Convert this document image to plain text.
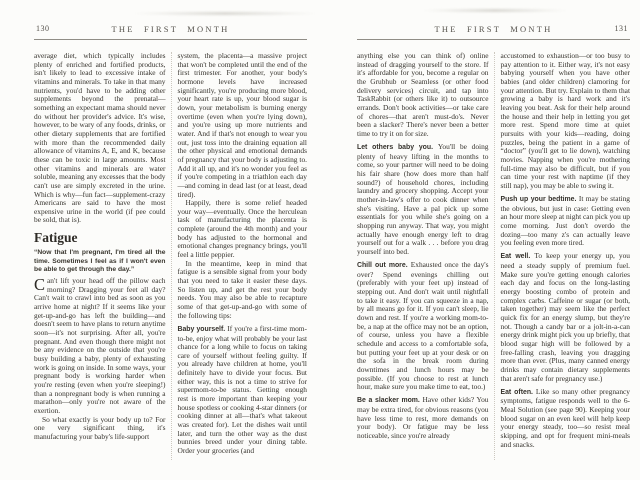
130	THE FIRST MONTH

average diet, which typically includes plenty of enriched and fortified products, isn't likely to lead to excessive intake of vitamins and minerals. To take in that many nutrients, you'd have to be adding other supplements beyond the prenatal—something an expectant mama should never do without her provider's advice. It's wise, however, to be wary of any foods, drinks, or other dietary supplements that are fortified with more than the recommended daily allowance of vitamins A, E, and K, because these can be toxic in large amounts. Most other vitamins and minerals are water soluble, meaning any excesses that the body can't use are simply excreted in the urine. Which is why—fun fact—supplement-crazy Americans are said to have the most expensive urine in the world (if pee could be sold, that is).

Fatigue

“Now that I'm pregnant, I'm tired all the time. Sometimes I feel as if I won't even be able to get through the day.”

Can't lift your head off the pillow each morning? Dragging your feet all day? Can't wait to crawl into bed as soon as you arrive home at night? If it seems like your get-up-and-go has left the building—and doesn't seem to have plans to return anytime soon—it's not surprising. After all, you're pregnant. And even though there might not be any evidence on the outside that you're busy building a baby, plenty of exhausting work is going on inside. In some ways, your pregnant body is working harder when you're resting (even when you're sleeping!) than a nonpregnant body is when running a marathon—only you're not aware of the exertion.

So what exactly is your body up to? For one very significant thing, it's manufacturing your baby's life-support

system, the placenta—a massive project that won't be completed until the end of the first trimester. For another, your body's hormone levels have increased significantly, you're producing more blood, your heart rate is up, your blood sugar is down, your metabolism is burning energy overtime (even when you're lying down), and you're using up more nutrients and water. And if that's not enough to wear you out, just toss into the draining equation all the other physical and emotional demands of pregnancy that your body is adjusting to. Add it all up, and it's no wonder you feel as if you're competing in a triathlon each day—and coming in dead last (or at least, dead tired).

Happily, there is some relief headed your way—eventually. Once the herculean task of manufacturing the placenta is complete (around the 4th month) and your body has adjusted to the hormonal and emotional changes pregnancy brings, you'll feel a little peppier.

In the meantime, keep in mind that fatigue is a sensible signal from your body that you need to take it easier these days. So listen up, and get the rest your body needs. You may also be able to recapture some of that get-up-and-go with some of the following tips:

Baby yourself. If you're a first-time mom-to-be, enjoy what will probably be your last chance for a long while to focus on taking care of yourself without feeling guilty. If you already have children at home, you'll definitely have to divide your focus. But either way, this is not a time to strive for supermom-to-be status. Getting enough rest is more important than keeping your house spotless or cooking 4-star dinners (or cooking dinner at all—that's what takeout was created for). Let the dishes wait until later, and turn the other way as the dust bunnies breed under your dining table. Order your groceries (and

THE FIRST MONTH	131

anything else you can think of) online instead of dragging yourself to the store. If it's affordable for you, become a regular on the Grubhub or Seamless (or other food delivery services) circuit, and tap into TaskRabbit (or others like it) to outsource errands. Don't book activities—or take care of chores—that aren't must-do's. Never been a slacker? There's never been a better time to try it on for size.

Let others baby you. You'll be doing plenty of heavy lifting in the months to come, so your partner will need to be doing his fair share (how does more than half sound?) of household chores, including laundry and grocery shopping. Accept your mother-in-law's offer to cook dinner when she's visiting. Have a pal pick up some essentials for you while she's going on a shopping run anyway. That way, you might actually have enough energy left to drag yourself out for a walk . . . before you drag yourself into bed.

Chill out more. Exhausted once the day's over? Spend evenings chilling out (preferably with your feet up) instead of stepping out. And don't wait until nightfall to take it easy. If you can squeeze in a nap, by all means go for it. If you can't sleep, lie down and rest. If you're a working mom-to-be, a nap at the office may not be an option, of course, unless you have a flexible schedule and access to a comfortable sofa, but putting your feet up at your desk or on the sofa in the break room during downtimes and lunch hours may be possible. (If you choose to rest at lunch hour, make sure you make time to eat, too.)

Be a slacker mom. Have other kids? You may be extra tired, for obvious reasons (you have less time to rest, more demands on your body). Or fatigue may be less noticeable, since you're already

accustomed to exhaustion—or too busy to pay attention to it. Either way, it's not easy babying yourself when you have other babies (and older children) clamoring for your attention. But try. Explain to them that growing a baby is hard work and it's leaving you beat. Ask for their help around the house and their help in letting you get more rest. Spend more time at quiet pursuits with your kids—reading, doing puzzles, being the patient in a game of “doctor” (you'll get to lie down), watching movies. Napping when you're mothering full-time may also be difficult, but if you can time your rest with naptime (if they still nap), you may be able to swing it.

Push up your bedtime. It may be stating the obvious, but just in case: Getting even an hour more sleep at night can pick you up come morning. Just don't overdo the dozing—too many z's can actually leave you feeling even more tired.

Eat well. To keep your energy up, you need a steady supply of premium fuel. Make sure you're getting enough calories each day and focus on the long-lasting energy boosting combo of protein and complex carbs. Caffeine or sugar (or both, taken together) may seem like the perfect quick fix for an energy slump, but they're not. Though a candy bar or a jolt-in-a-can energy drink might pick you up briefly, that blood sugar high will be followed by a free-falling crash, leaving you dragging more than ever. (Plus, many canned energy drinks may contain dietary supplements that aren't safe for pregnancy use.)

Eat often. Like so many other pregnancy symptoms, fatigue responds well to the 6-Meal Solution (see page 90). Keeping your blood sugar on an even keel will help keep your energy steady, too—so resist meal skipping, and opt for frequent mini-meals and snacks.
